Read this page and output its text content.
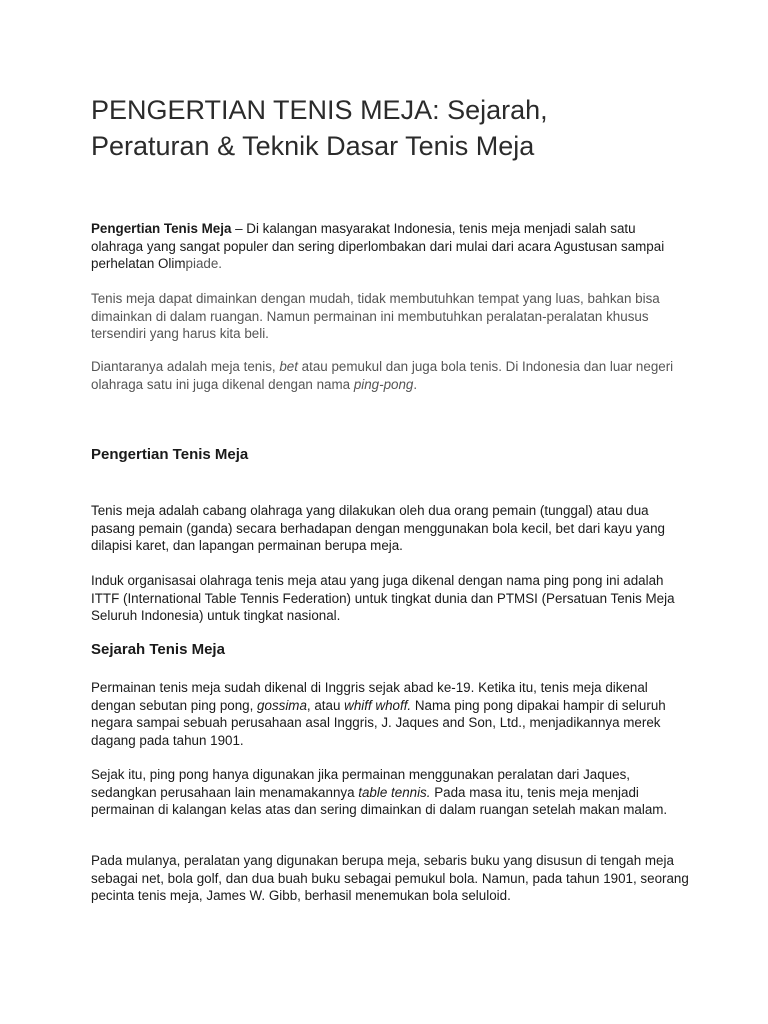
PENGERTIAN TENIS MEJA: Sejarah,
Peraturan & Teknik Dasar Tenis Meja

Pengertian Tenis Meja – Di kalangan masyarakat Indonesia, tenis meja menjadi salah satu olahraga yang sangat populer dan sering diperlombakan dari mulai dari acara Agustusan sampai perhelatan Olimpiade.

Tenis meja dapat dimainkan dengan mudah, tidak membutuhkan tempat yang luas, bahkan bisa dimainkan di dalam ruangan. Namun permainan ini membutuhkan peralatan-peralatan khusus tersendiri yang harus kita beli.

Diantaranya adalah meja tenis, bet atau pemukul dan juga bola tenis. Di Indonesia dan luar negeri olahraga satu ini juga dikenal dengan nama ping-pong.

Pengertian Tenis Meja

Tenis meja adalah cabang olahraga yang dilakukan oleh dua orang pemain (tunggal) atau dua pasang pemain (ganda) secara berhadapan dengan menggunakan bola kecil, bet dari kayu yang dilapisi karet, dan lapangan permainan berupa meja.

Induk organisasai olahraga tenis meja atau yang juga dikenal dengan nama ping pong ini adalah ITTF (International Table Tennis Federation) untuk tingkat dunia dan PTMSI (Persatuan Tenis Meja Seluruh Indonesia) untuk tingkat nasional.

Sejarah Tenis Meja

Permainan tenis meja sudah dikenal di Inggris sejak abad ke-19. Ketika itu, tenis meja dikenal dengan sebutan ping pong, gossima, atau whiff whoff. Nama ping pong dipakai hampir di seluruh negara sampai sebuah perusahaan asal Inggris, J. Jaques and Son, Ltd., menjadikannya merek dagang pada tahun 1901.

Sejak itu, ping pong hanya digunakan jika permainan menggunakan peralatan dari Jaques, sedangkan perusahaan lain menamakannya table tennis. Pada masa itu, tenis meja menjadi permainan di kalangan kelas atas dan sering dimainkan di dalam ruangan setelah makan malam.

Pada mulanya, peralatan yang digunakan berupa meja, sebaris buku yang disusun di tengah meja sebagai net, bola golf, dan dua buah buku sebagai pemukul bola. Namun, pada tahun 1901, seorang pecinta tenis meja, James W. Gibb, berhasil menemukan bola seluloid.
